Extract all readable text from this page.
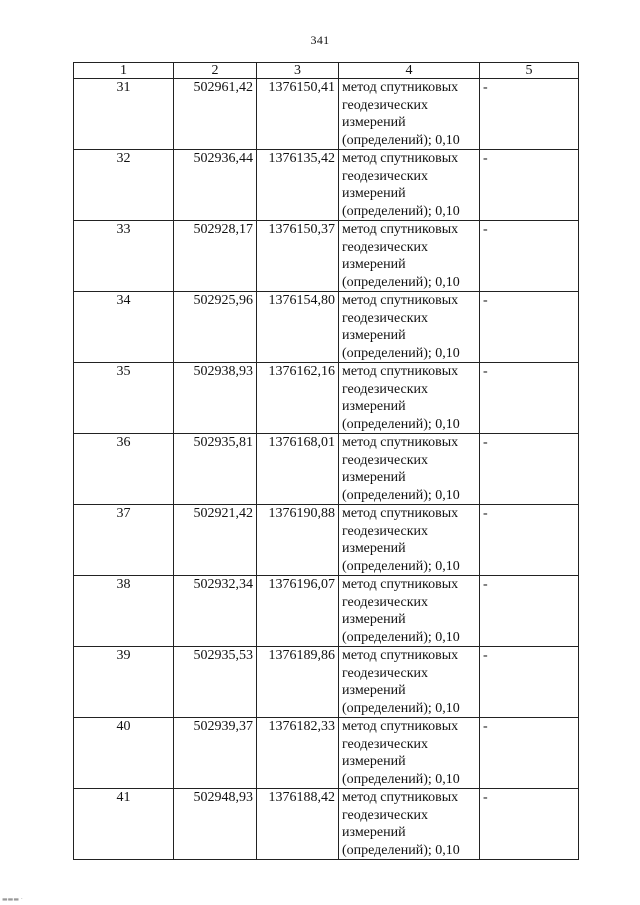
341
1	2	3	4	5
31	502961,42	1376150,41	метод спутниковых геодезических измерений (определений); 0,10	-
32	502936,44	1376135,42	метод спутниковых геодезических измерений (определений); 0,10	-
33	502928,17	1376150,37	метод спутниковых геодезических измерений (определений); 0,10	-
34	502925,96	1376154,80	метод спутниковых геодезических измерений (определений); 0,10	-
35	502938,93	1376162,16	метод спутниковых геодезических измерений (определений); 0,10	-
36	502935,81	1376168,01	метод спутниковых геодезических измерений (определений); 0,10	-
37	502921,42	1376190,88	метод спутниковых геодезических измерений (определений); 0,10	-
38	502932,34	1376196,07	метод спутниковых геодезических измерений (определений); 0,10	-
39	502935,53	1376189,86	метод спутниковых геодезических измерений (определений); 0,10	-
40	502939,37	1376182,33	метод спутниковых геодезических измерений (определений); 0,10	-
41	502948,93	1376188,42	метод спутниковых геодезических измерений (определений); 0,10	-
▬▬▬ ·
